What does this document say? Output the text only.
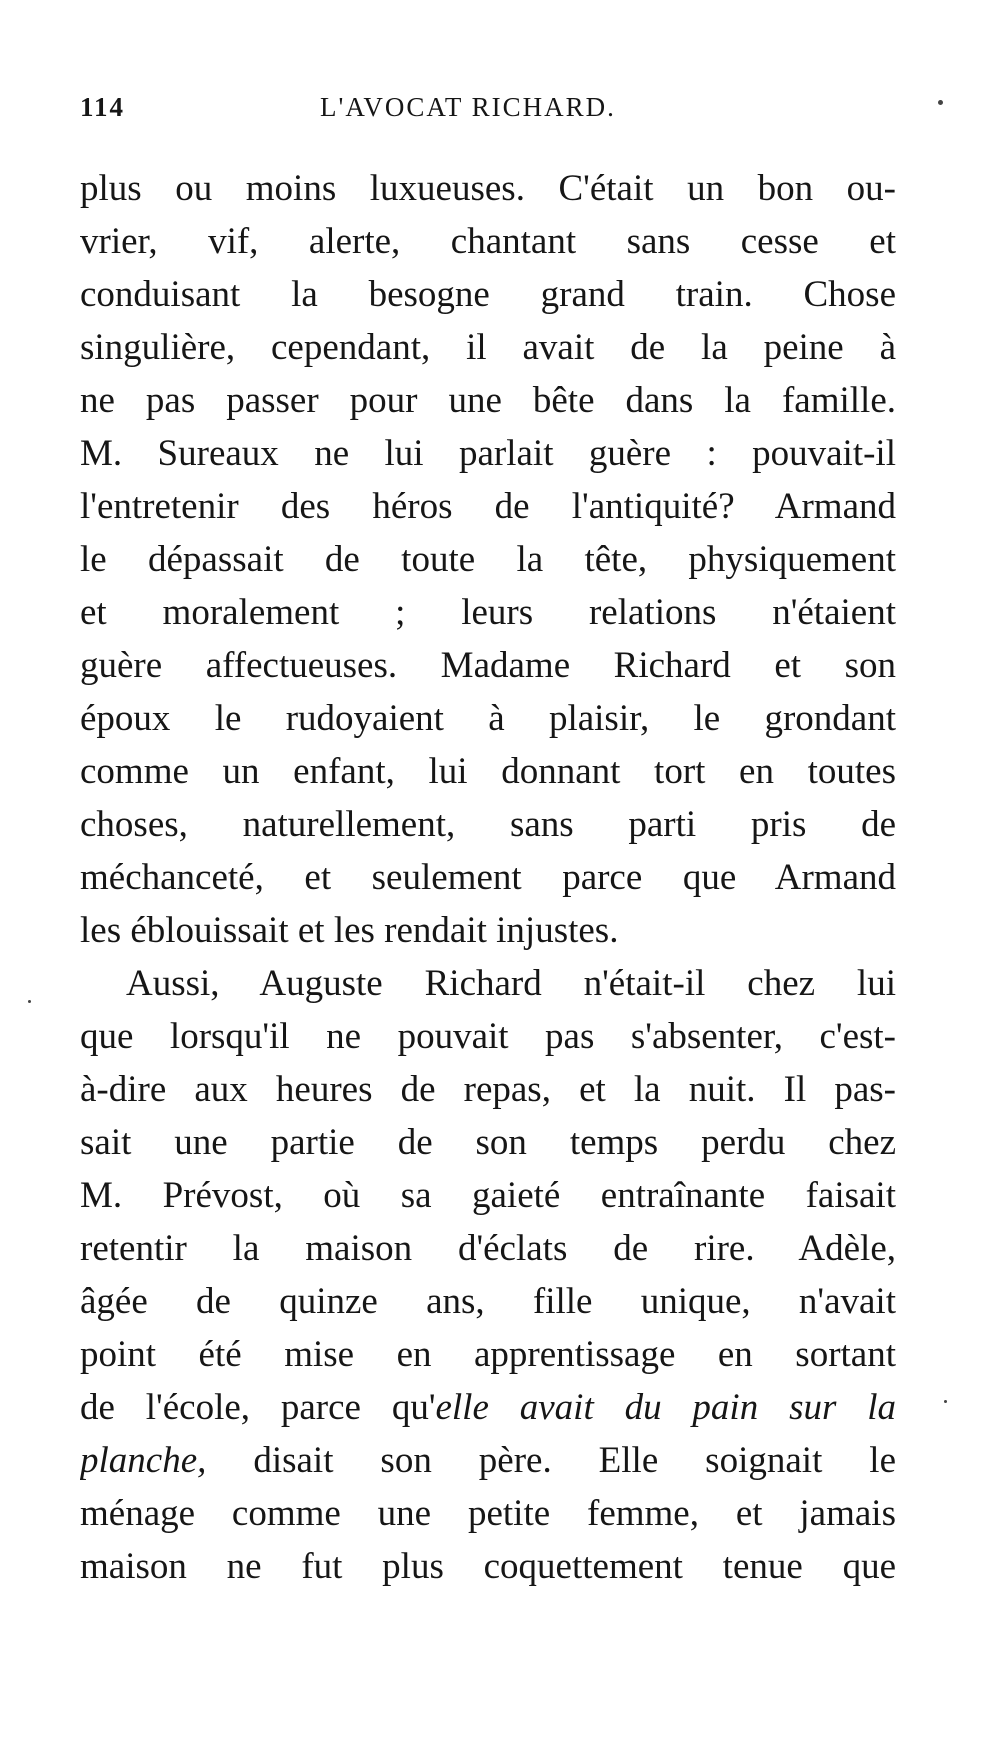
114	L'AVOCAT RICHARD.
plus ou moins luxueuses. C'était un bon ou-
vrier, vif, alerte, chantant sans cesse et
conduisant la besogne grand train. Chose
singulière, cependant, il avait de la peine à
ne pas passer pour une bête dans la famille.
M. Sureaux ne lui parlait guère : pouvait-il
l'entretenir des héros de l'antiquité? Armand
le dépassait de toute la tête, physiquement
et moralement ; leurs relations n'étaient
guère affectueuses. Madame Richard et son
époux le rudoyaient à plaisir, le grondant
comme un enfant, lui donnant tort en toutes
choses, naturellement, sans parti pris de
méchanceté, et seulement parce que Armand
les éblouissait et les rendait injustes.
Aussi, Auguste Richard n'était-il chez lui
que lorsqu'il ne pouvait pas s'absenter, c'est-
à-dire aux heures de repas, et la nuit. Il pas-
sait une partie de son temps perdu chez
M. Prévost, où sa gaieté entraînante faisait
retentir la maison d'éclats de rire. Adèle,
âgée de quinze ans, fille unique, n'avait
point été mise en apprentissage en sortant
de l'école, parce qu'elle avait du pain sur la
planche, disait son père. Elle soignait le
ménage comme une petite femme, et jamais
maison ne fut plus coquettement tenue que
